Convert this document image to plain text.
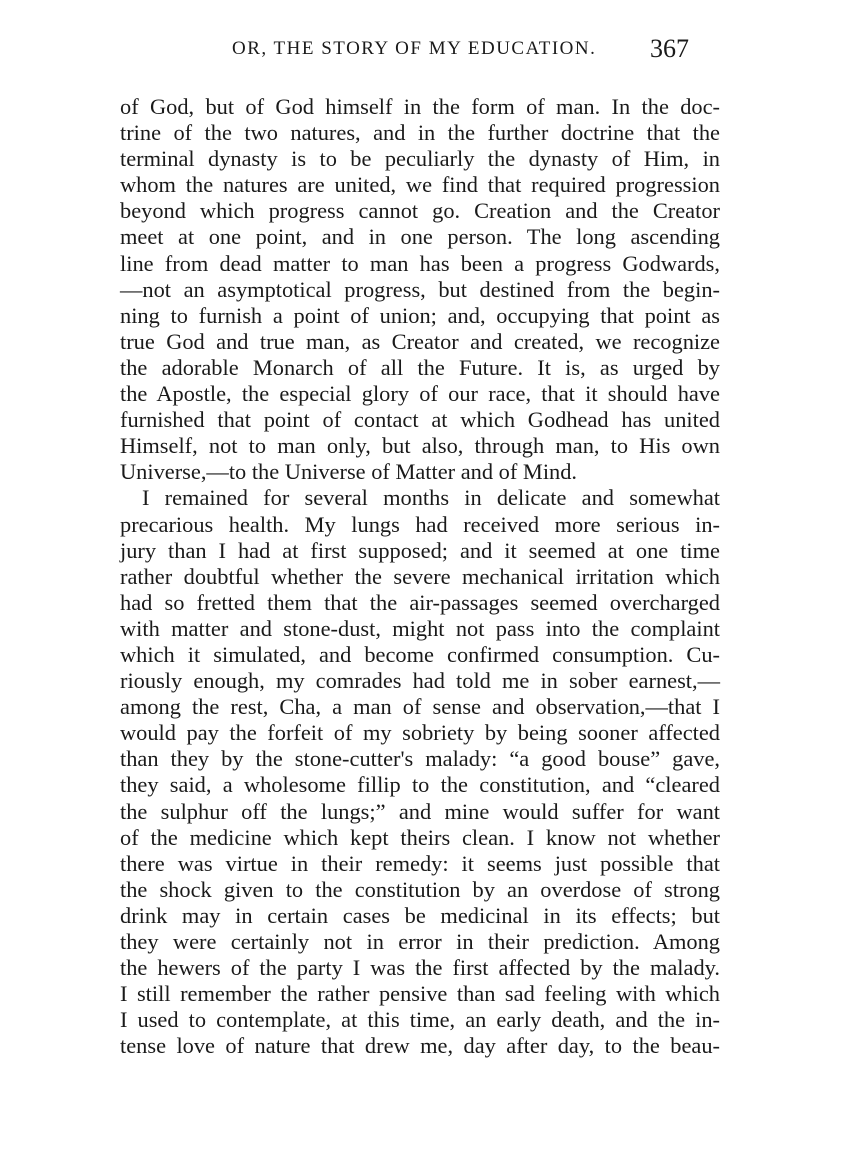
OR, THE STORY OF MY EDUCATION. 367
of God, but of God himself in the form of man. In the doc-
trine of the two natures, and in the further doctrine that the
terminal dynasty is to be peculiarly the dynasty of Him, in
whom the natures are united, we find that required progression
beyond which progress cannot go. Creation and the Creator
meet at one point, and in one person. The long ascending
line from dead matter to man has been a progress Godwards,
—not an asymptotical progress, but destined from the begin-
ning to furnish a point of union; and, occupying that point as
true God and true man, as Creator and created, we recognize
the adorable Monarch of all the Future. It is, as urged by
the Apostle, the especial glory of our race, that it should have
furnished that point of contact at which Godhead has united
Himself, not to man only, but also, through man, to His own
Universe,—to the Universe of Matter and of Mind.
I remained for several months in delicate and somewhat
precarious health. My lungs had received more serious in-
jury than I had at first supposed; and it seemed at one time
rather doubtful whether the severe mechanical irritation which
had so fretted them that the air-passages seemed overcharged
with matter and stone-dust, might not pass into the complaint
which it simulated, and become confirmed consumption. Cu-
riously enough, my comrades had told me in sober earnest,—
among the rest, Cha, a man of sense and observation,—that I
would pay the forfeit of my sobriety by being sooner affected
than they by the stone-cutter's malady: “a good bouse” gave,
they said, a wholesome fillip to the constitution, and “cleared
the sulphur off the lungs;” and mine would suffer for want
of the medicine which kept theirs clean. I know not whether
there was virtue in their remedy: it seems just possible that
the shock given to the constitution by an overdose of strong
drink may in certain cases be medicinal in its effects; but
they were certainly not in error in their prediction. Among
the hewers of the party I was the first affected by the malady.
I still remember the rather pensive than sad feeling with which
I used to contemplate, at this time, an early death, and the in-
tense love of nature that drew me, day after day, to the beau-
